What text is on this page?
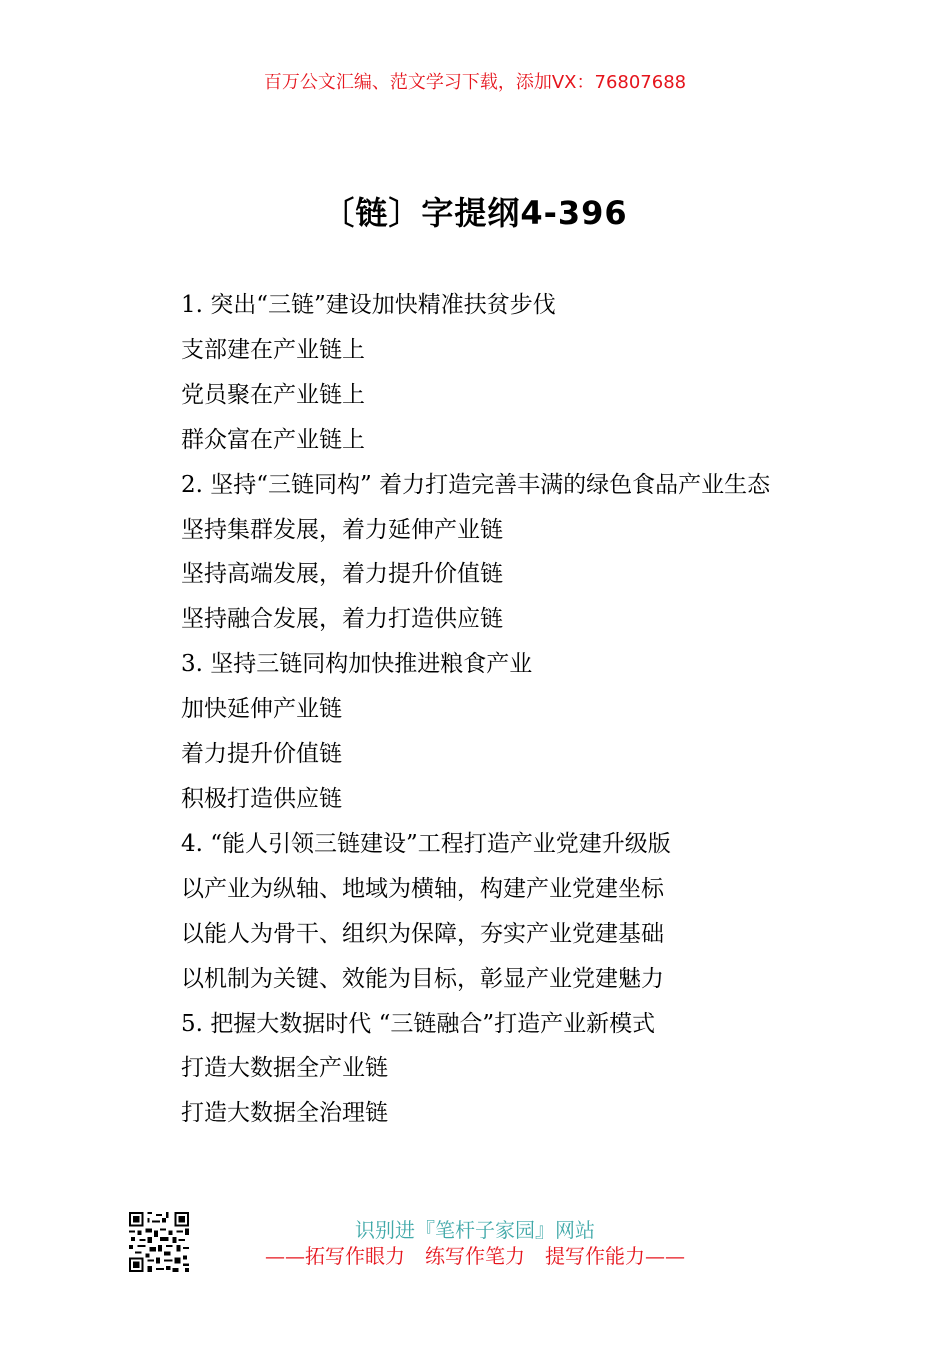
百万公文汇编、范文学习下载，添加VX：76807688
〔链〕字提纲4-396
1. 突出“三链”建设加快精准扶贫步伐
支部建在产业链上
党员聚在产业链上
群众富在产业链上
2. 坚持“三链同构” 着力打造完善丰满的绿色食品产业生态
坚持集群发展，着力延伸产业链
坚持高端发展，着力提升价值链
坚持融合发展，着力打造供应链
3. 坚持三链同构加快推进粮食产业
加快延伸产业链
着力提升价值链
积极打造供应链
4. “能人引领三链建设”工程打造产业党建升级版
以产业为纵轴、地域为横轴，构建产业党建坐标
以能人为骨干、组织为保障，夯实产业党建基础
以机制为关键、效能为目标，彰显产业党建魅力
5. 把握大数据时代 “三链融合”打造产业新模式
打造大数据全产业链
打造大数据全治理链
识别进『笔杆子家园』网站
——拓写作眼力　练写作笔力　提写作能力——
